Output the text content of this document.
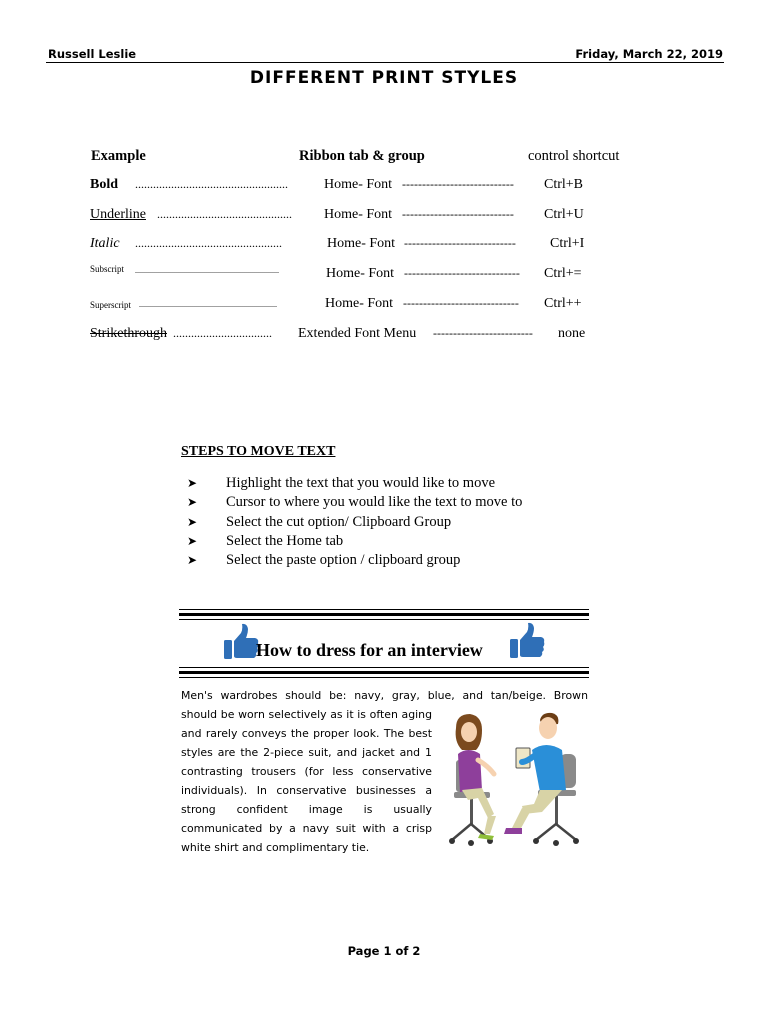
Russell Leslie	Friday, March 22, 2019
DIFFERENT PRINT STYLES
Example	Ribbon tab & group	control shortcut
Bold ...................................................	Home- Font ---------------------------- Ctrl+B
Underline ............................................. Home- Font ---------------------------- Ctrl+U
Italic .................................................	Home- Font ---------------------------- Ctrl+I
Subscript ........................................................................	Home- Font ----------------------------- Ctrl+=
Superscript .....................................................................	Home- Font ----------------------------- Ctrl++
Strikethrough ................................. Extended Font Menu ------------------------- none
STEPS TO MOVE TEXT
➤	Highlight the text that you would like to move
➤	Cursor to where you would like the text to move to
➤	Select the cut option/ Clipboard Group
➤	Select the Home tab
➤	Select the paste option / clipboard group
How to dress for an interview
Men's wardrobes should be: navy, gray, blue, and tan/beige. Brown
should be worn selectively as it is often aging
and rarely conveys the proper look. The best
styles are the 2-piece suit, and jacket and 1
contrasting trousers (for less conservative
individuals). In conservative businesses a
strong confident image is usually
communicated by a navy suit with a crisp
white shirt and complimentary tie.
Page 1 of 2
